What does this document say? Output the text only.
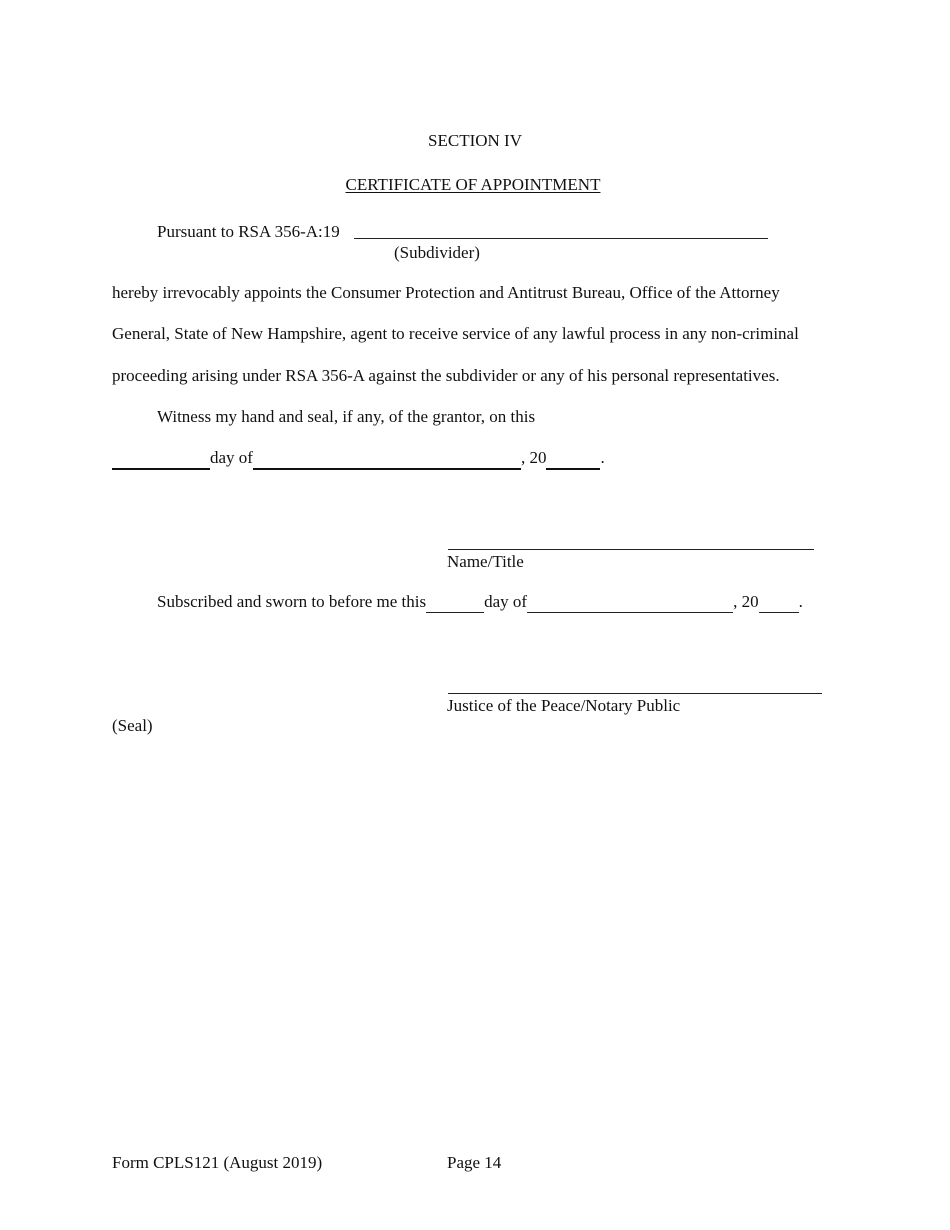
SECTION IV
CERTIFICATE OF APPOINTMENT
Pursuant to RSA 356-A:19
(Subdivider)
hereby irrevocably appoints the Consumer Protection and Antitrust Bureau, Office of the Attorney
General, State of New Hampshire, agent to receive service of any lawful process in any non-criminal
proceeding arising under RSA 356-A against the subdivider or any of his personal representatives.
Witness my hand and seal, if any, of the grantor, on this
day of	, 20	.
Name/Title
Subscribed and sworn to before me this	day of	, 20 .
Justice of the Peace/Notary Public
(Seal)
Form CPLS121 (August 2019)	Page 14
